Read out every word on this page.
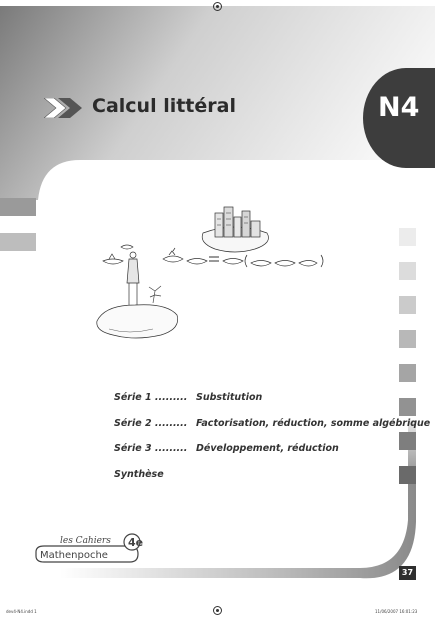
Calcul littéral	N4
Série 1 ......... Substitution
Série 2 ......... Factorisation, réduction, somme algébrique
Série 3 ......... Développement, réduction
Synthèse
4e
les Cahiers
Mathenpoche
37
dev4-N4.indd 1	11/06/2007 16:01:23
